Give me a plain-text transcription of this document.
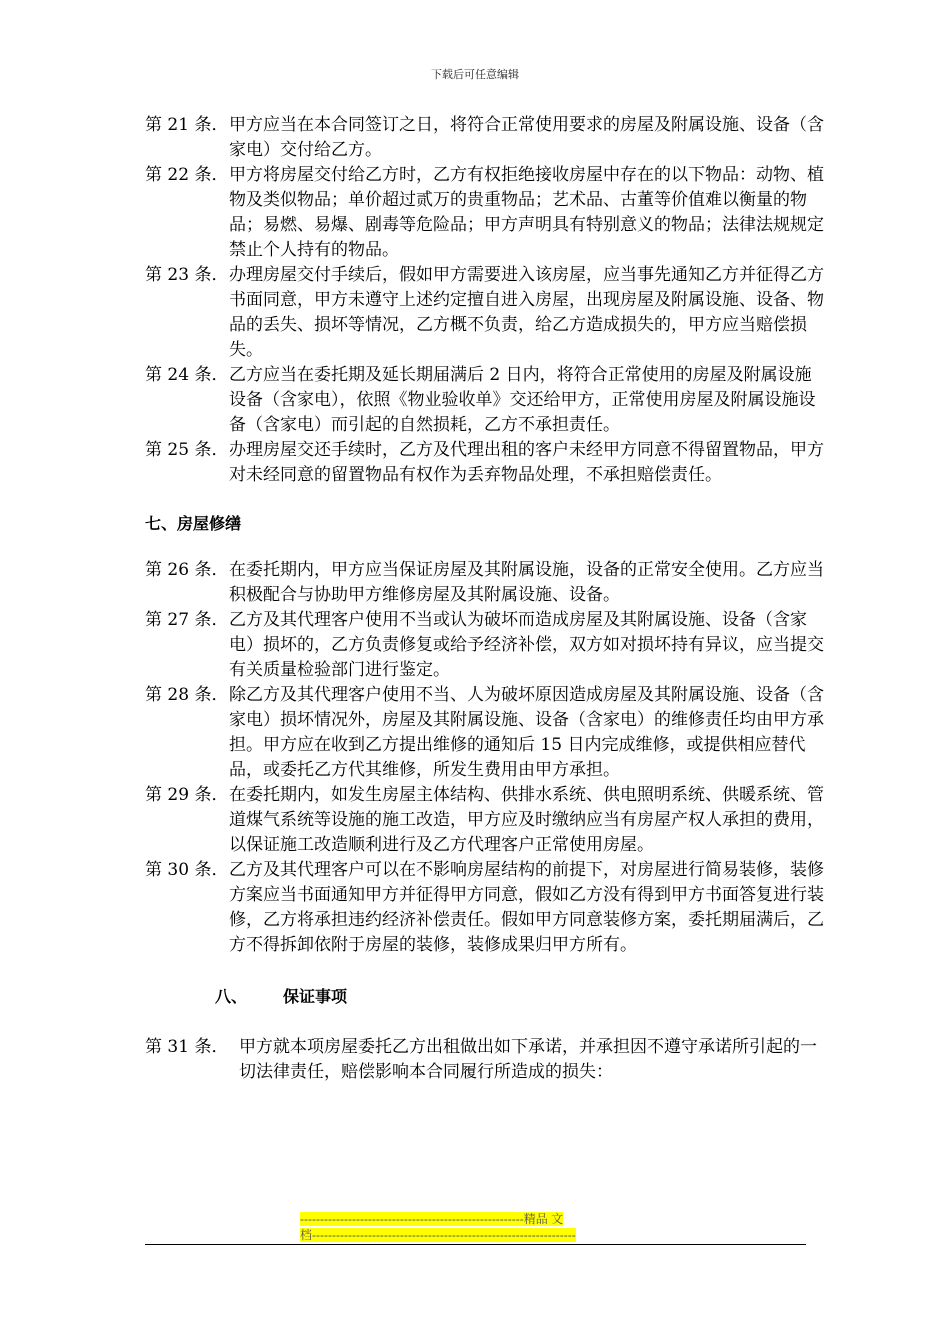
下载后可任意编辑
第 21 条． 甲方应当在本合同签订之日，将符合正常使用要求的房屋及附属设施、设备（含家电）交付给乙方。
第 22 条． 甲方将房屋交付给乙方时，乙方有权拒绝接收房屋中存在的以下物品：动物、植物及类似物品；单价超过贰万的贵重物品；艺术品、古董等价值难以衡量的物品；易燃、易爆、剧毒等危险品；甲方声明具有特别意义的物品；法律法规规定禁止个人持有的物品。
第 23 条． 办理房屋交付手续后，假如甲方需要进入该房屋，应当事先通知乙方并征得乙方书面同意，甲方未遵守上述约定擅自进入房屋，出现房屋及附属设施、设备、物品的丢失、损坏等情况，乙方概不负责，给乙方造成损失的，甲方应当赔偿损失。
第 24 条． 乙方应当在委托期及延长期届满后 2 日内，将符合正常使用的房屋及附属设施设备（含家电），依照《物业验收单》交还给甲方，正常使用房屋及附属设施设备（含家电）而引起的自然损耗，乙方不承担责任。
第 25 条． 办理房屋交还手续时，乙方及代理出租的客户未经甲方同意不得留置物品，甲方对未经同意的留置物品有权作为丢弃物品处理，不承担赔偿责任。
七、房屋修缮
第 26 条． 在委托期内，甲方应当保证房屋及其附属设施，设备的正常安全使用。乙方应当积极配合与协助甲方维修房屋及其附属设施、设备。
第 27 条． 乙方及其代理客户使用不当或认为破坏而造成房屋及其附属设施、设备（含家电）损坏的，乙方负责修复或给予经济补偿，双方如对损坏持有异议，应当提交有关质量检验部门进行鉴定。
第 28 条． 除乙方及其代理客户使用不当、人为破坏原因造成房屋及其附属设施、设备（含家电）损坏情况外，房屋及其附属设施、设备（含家电）的维修责任均由甲方承担。甲方应在收到乙方提出维修的通知后 15 日内完成维修，或提供相应替代品，或委托乙方代其维修，所发生费用由甲方承担。
第 29 条． 在委托期内，如发生房屋主体结构、供排水系统、供电照明系统、供暖系统、管道煤气系统等设施的施工改造，甲方应及时缴纳应当有房屋产权人承担的费用，以保证施工改造顺利进行及乙方代理客户正常使用房屋。
第 30 条． 乙方及其代理客户可以在不影响房屋结构的前提下，对房屋进行简易装修，装修方案应当书面通知甲方并征得甲方同意，假如乙方没有得到甲方书面答复进行装修，乙方将承担违约经济补偿责任。假如甲方同意装修方案，委托期届满后，乙方不得拆卸依附于房屋的装修，装修成果归甲方所有。
八、	保证事项
第 31 条． 甲方就本项房屋委托乙方出租做出如下承诺，并承担因不遵守承诺所引起的一切法律责任，赔偿影响本合同履行所造成的损失：
--------------------------------------------------------精品 文
档------------------------------------------------------------------
